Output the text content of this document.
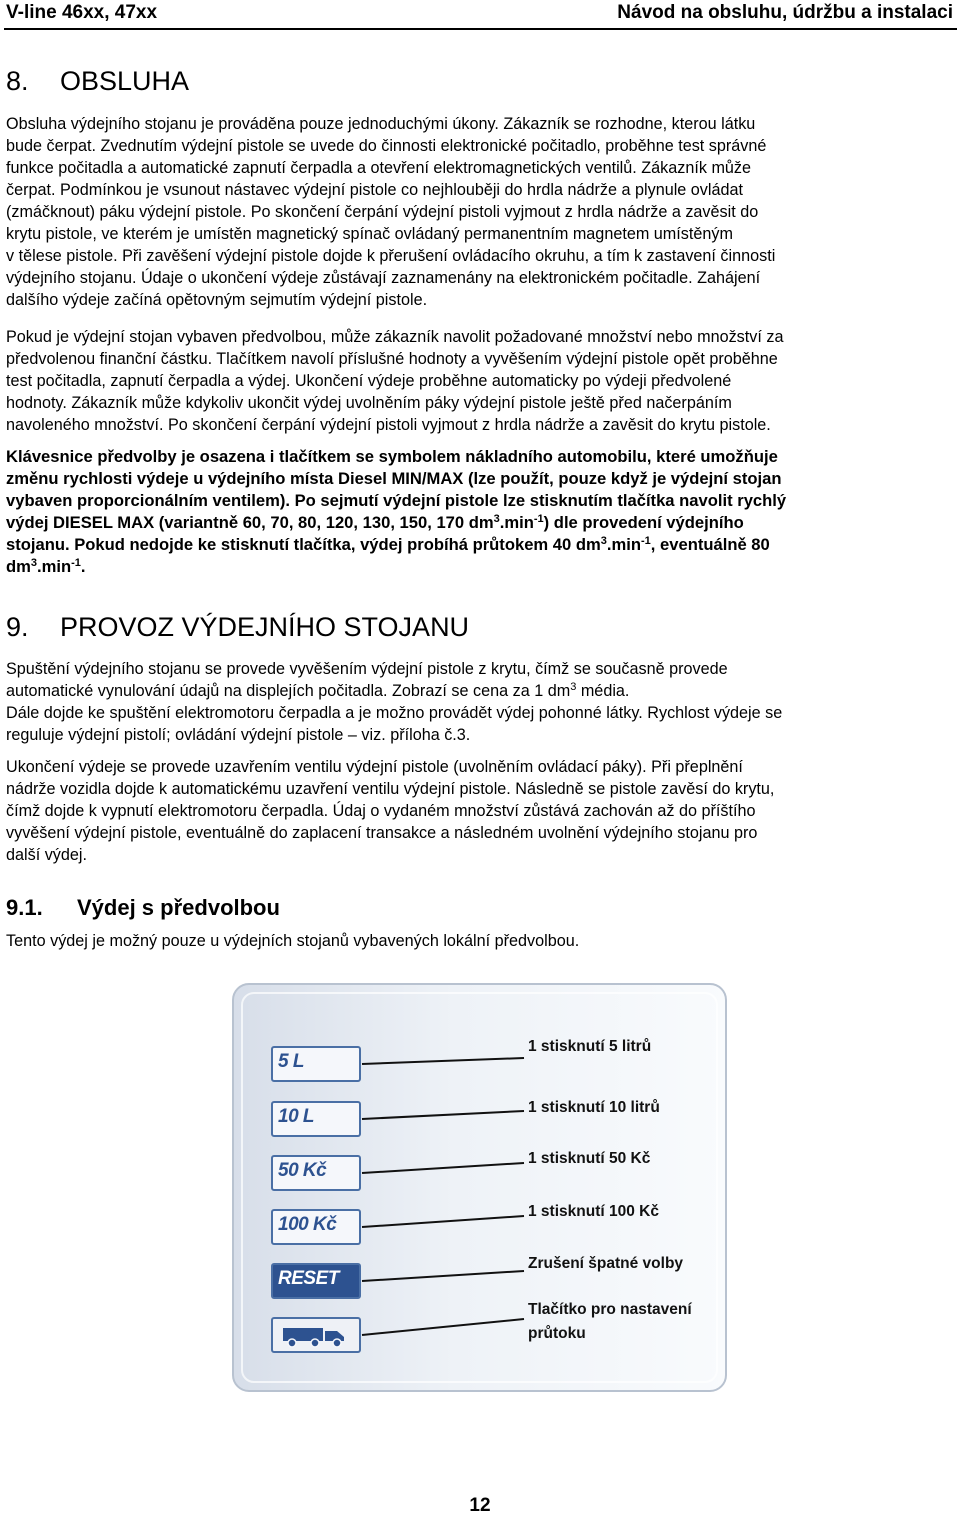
V-line 46xx, 47xx	Návod na obsluhu, údržbu a instalaci
8. OBSLUHA
Obsluha výdejního stojanu je prováděna pouze jednoduchými úkony. Zákazník se rozhodne, kterou látku
bude čerpat. Zvednutím výdejní pistole se uvede do činnosti elektronické počitadlo, proběhne test správné
funkce počitadla a automatické zapnutí čerpadla a otevření elektromagnetických ventilů. Zákazník může
čerpat. Podmínkou je vsunout nástavec výdejní pistole co nejhlouběji do hrdla nádrže a plynule ovládat
(zmáčknout) páku výdejní pistole. Po skončení čerpání výdejní pistoli vyjmout z hrdla nádrže a zavěsit do
krytu pistole, ve kterém je umístěn magnetický spínač ovládaný permanentním magnetem umístěným
v tělese pistole. Při zavěšení výdejní pistole dojde k přerušení ovládacího okruhu, a tím k zastavení činnosti
výdejního stojanu. Údaje o ukončení výdeje zůstávají zaznamenány na elektronickém počitadle. Zahájení
dalšího výdeje začíná opětovným sejmutím výdejní pistole.
Pokud je výdejní stojan vybaven předvolbou, může zákazník navolit požadované množství nebo množství za
předvolenou finanční částku. Tlačítkem navolí příslušné hodnoty a vyvěšením výdejní pistole opět proběhne
test počitadla, zapnutí čerpadla a výdej. Ukončení výdeje proběhne automaticky po výdeji předvolené
hodnoty. Zákazník může kdykoliv ukončit výdej uvolněním páky výdejní pistole ještě před načerpáním
navoleného množství. Po skončení čerpání výdejní pistoli vyjmout z hrdla nádrže a zavěsit do krytu pistole.
Klávesnice předvolby je osazena i tlačítkem se symbolem nákladního automobilu, které umožňuje
změnu rychlosti výdeje u výdejního místa Diesel MIN/MAX (lze použít, pouze když je výdejní stojan
vybaven proporcionálním ventilem). Po sejmutí výdejní pistole lze stisknutím tlačítka navolit rychlý
výdej DIESEL MAX (variantně 60, 70, 80, 120, 130, 150, 170 $dm^3.\min^{-1}$) dle provedení výdejního
stojanu. Pokud nedojde ke stisknutí tlačítka, výdej probíhá průtokem 40 $dm^3.\min^{-1}$, eventuálně 80
$dm^3.\min^{-1}$.
9. PROVOZ VÝDEJNÍHO STOJANU
Spuštění výdejního stojanu se provede vyvěšením výdejní pistole z krytu, čímž se současně provede
automatické vynulování údajů na displejích počitadla. Zobrazí se cena za 1 $dm^3$ média.
Dále dojde ke spuštění elektromotoru čerpadla a je možno provádět výdej pohonné látky. Rychlost výdeje se
reguluje výdejní pistolí; ovládání výdejní pistole – viz. příloha č.3.
Ukončení výdeje se provede uzavřením ventilu výdejní pistole (uvolněním ovládací páky). Při přeplnění
nádrže vozidla dojde k automatickému uzavření ventilu výdejní pistole. Následně se pistole zavěsí do krytu,
čímž dojde k vypnutí elektromotoru čerpadla. Údaj o vydaném množství zůstává zachován až do příštího
vyvěšení výdejní pistole, eventuálně do zaplacení transakce a následném uvolnění výdejního stojanu pro
další výdej.
9.1. Výdej s předvolbou
Tento výdej je možný pouze u výdejních stojanů vybavených lokální předvolbou.
5 L
10 L
50 Kč
100 Kč
RESET
1 stisknutí 5 litrů
1 stisknutí 10 litrů
1 stisknutí 50 Kč
1 stisknutí 100 Kč
Zrušení špatné volby
Tlačítko pro nastavení
průtoku
12
